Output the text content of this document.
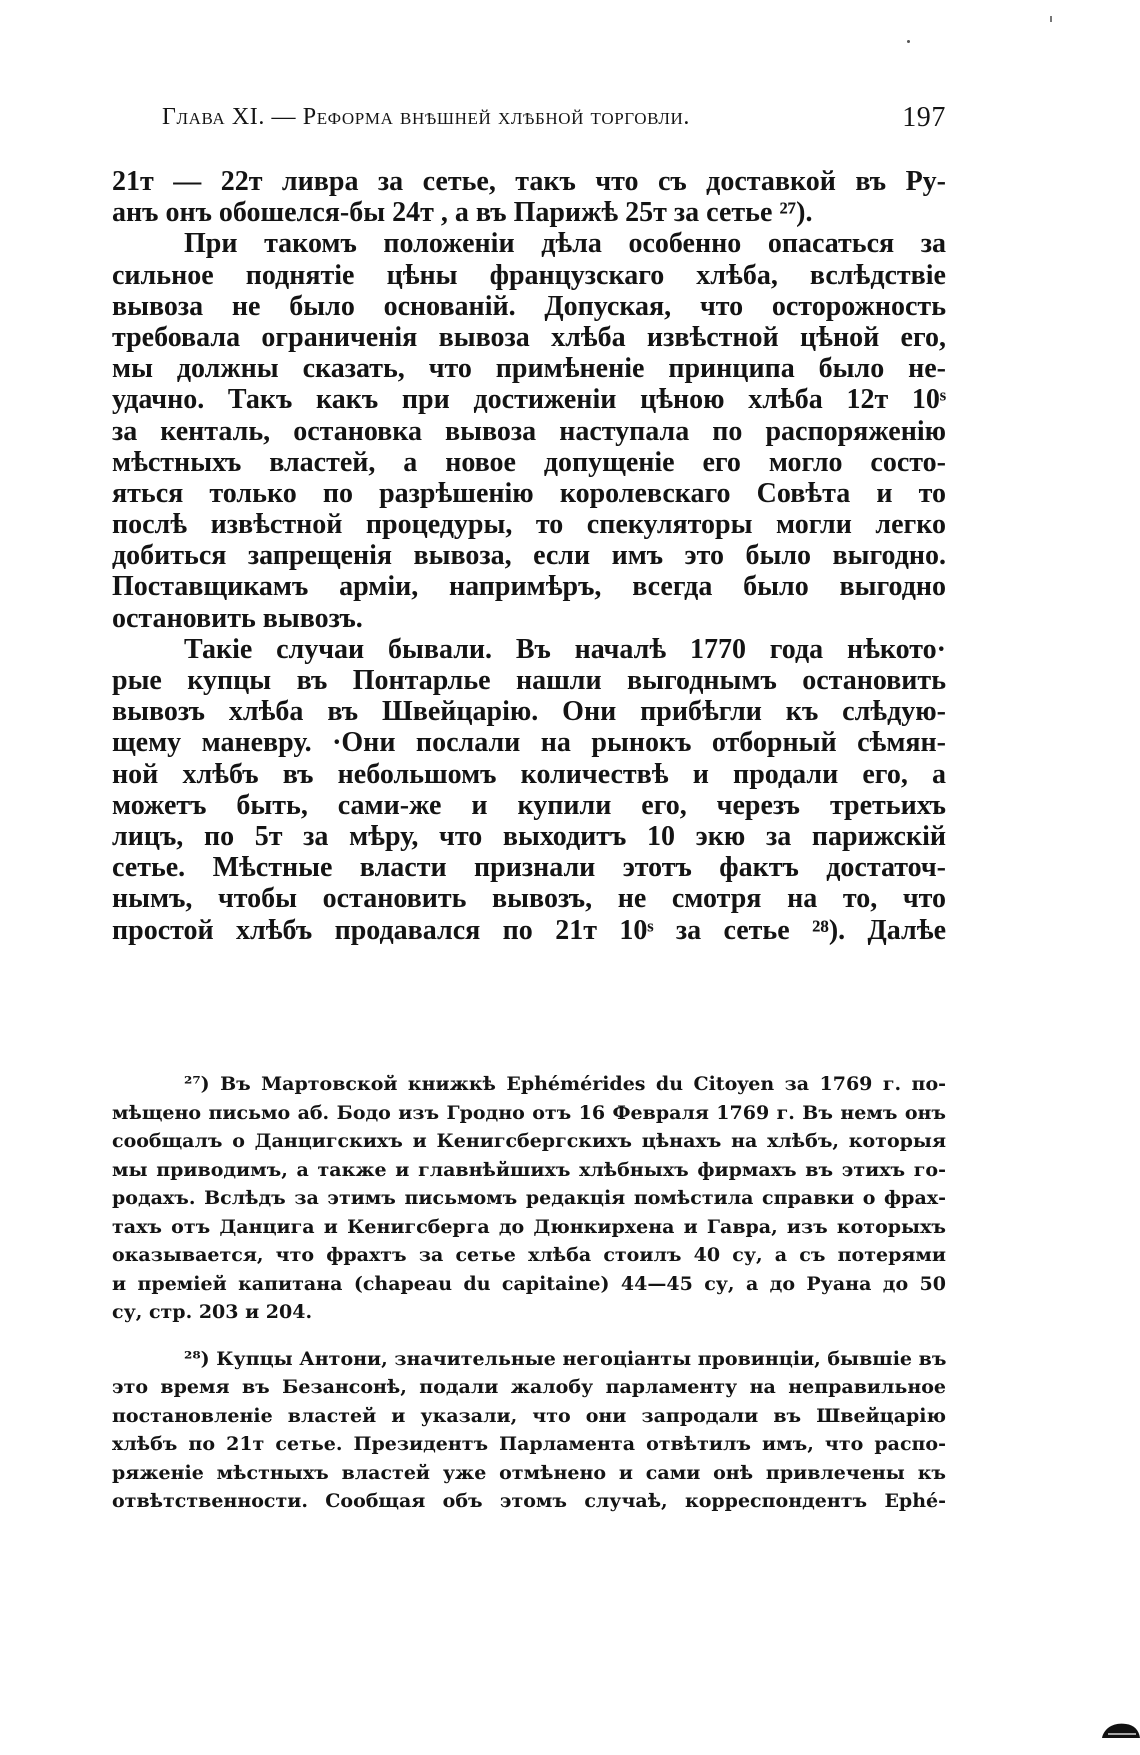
Глава XI. — Реформа внѣшней хлѣбной торговли.	197
21ᴛ — 22ᴛ ливра за сетье, такъ что съ доставкой въ Ру-
анъ онъ обошелся-бы 24ᴛ , а въ Парижѣ 25ᴛ за сетье ²⁷).
При такомъ положеніи дѣла особенно опасаться за
сильное поднятіе цѣны французскаго хлѣба, вслѣдствіе
вывоза не было основаній. Допуская, что осторожность
требовала ограниченія вывоза хлѣба извѣстной цѣной его,
мы должны сказать, что примѣненіе принципа было не-
удачно. Такъ какъ при достиженіи цѣною хлѣба 12ᴛ 10ˢ
за кенталь, остановка вывоза наступала по распоряженію
мѣстныхъ властей, а новое допущеніе его могло состо-
яться только по разрѣшенію королевскаго Совѣта и то
послѣ извѣстной процедуры, то спекуляторы могли легко
добиться запрещенія вывоза, если имъ это было выгодно.
Поставщикамъ арміи, напримѣръ, всегда было выгодно
остановить вывозъ.
Такіе случаи бывали. Въ началѣ 1770 года нѣкото·
рые купцы въ Понтарлье нашли выгоднымъ остановить
вывозъ хлѣба въ Швейцарію. Они прибѣгли къ слѣдую-
щему маневру. ·Они послали на рынокъ отборный сѣмян-
ной хлѣбъ въ небольшомъ количествѣ и продали его, а
можетъ быть, сами-же и купили его, черезъ третьихъ
лицъ, по 5ᴛ за мѣру, что выходитъ 10 экю за парижскій
сетье. Мѣстные власти признали этотъ фактъ достаточ-
нымъ, чтобы остановить вывозъ, не смотря на то, что
простой хлѣбъ продавался по 21ᴛ 10ˢ за сетье ²⁸). Далѣе
²⁷) Въ Мартовской книжкѣ Ephémérides du Citoyen за 1769 г. по-
мѣщено письмо аб. Бодо изъ Гродно отъ 16 Февраля 1769 г. Въ немъ онъ
сообщалъ о Данцигскихъ и Кенигсбергскихъ цѣнахъ на хлѣбъ, которыя
мы приводимъ, а также и главнѣйшихъ хлѣбныхъ фирмахъ въ этихъ го-
родахъ. Вслѣдъ за этимъ письмомъ редакція помѣстила справки о фрах-
тахъ отъ Данцига и Кенигсберга до Дюнкирхена и Гавра, изъ которыхъ
оказывается, что фрахтъ за сетье хлѣба стоилъ 40 су, а съ потерями
и преміей капитана (chapeau du capitaine) 44—45 су, а до Руана до 50
су, стр. 203 и 204.
²⁸) Купцы Антони, значительные негоціанты провинціи, бывшіе въ
это время въ Безансонѣ, подали жалобу парламенту на неправильное
постановленіе властей и указали, что они запродали въ Швейцарію
хлѣбъ по 21ᴛ сетье. Президентъ Парламента отвѣтилъ имъ, что распо-
ряженіе мѣстныхъ властей уже отмѣнено и сами онѣ привлечены къ
отвѣтственности. Сообщая объ этомъ случаѣ, корреспондентъ Ephé-
